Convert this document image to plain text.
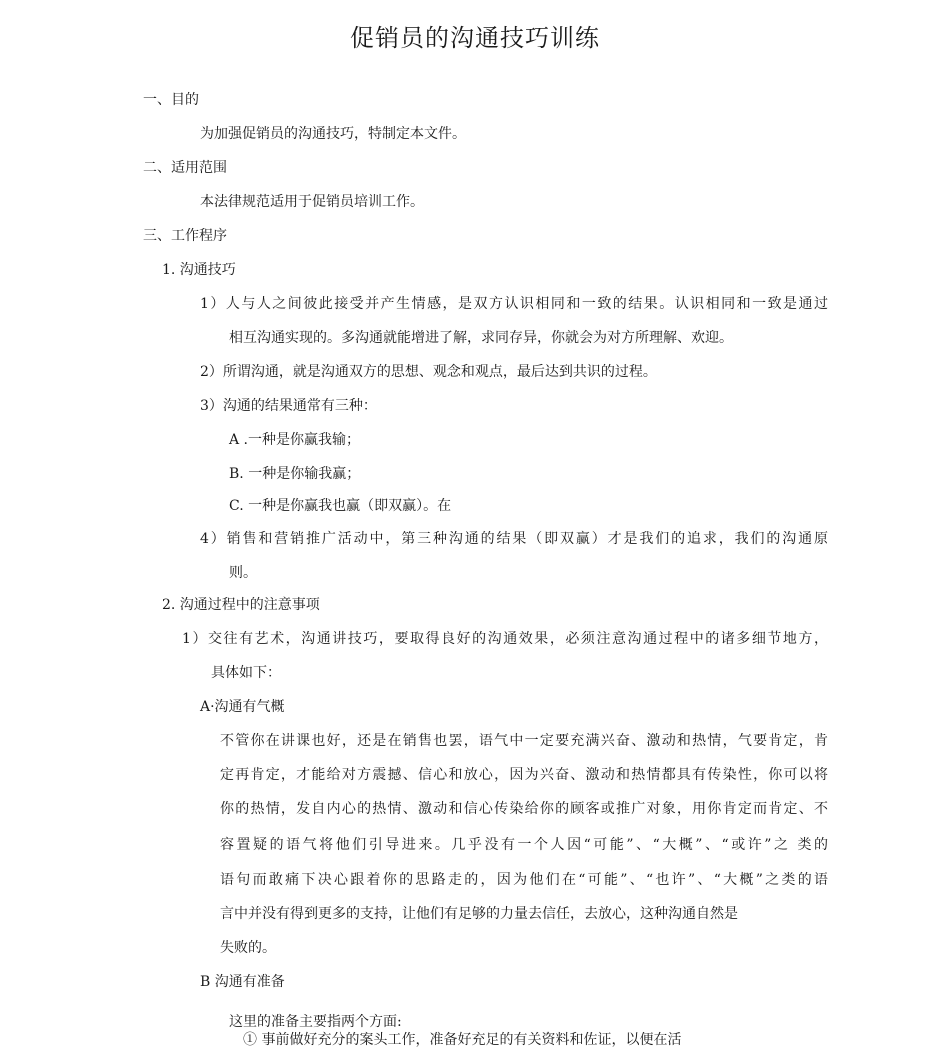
促销员的沟通技巧训练
一、目的
为加强促销员的沟通技巧，特制定本文件。
二、适用范围
本法律规范适用于促销员培训工作。
三、工作程序
1. 沟通技巧
1）人与人之间彼此接受并产生情感，是双方认识相同和一致的结果。认识相同和一致是通过
相互沟通实现的。多沟通就能增进了解，求同存异，你就会为对方所理解、欢迎。
2）所谓沟通，就是沟通双方的思想、观念和观点，最后达到共识的过程。
3）沟通的结果通常有三种：
A .一种是你赢我输；
B. 一种是你输我赢；
C. 一种是你赢我也赢（即双赢）。在
4）销售和营销推广活动中，第三种沟通的结果（即双赢）才是我们的追求，我们的沟通原
则。
2. 沟通过程中的注意事项
1）交往有艺术，沟通讲技巧，要取得良好的沟通效果，必须注意沟通过程中的诸多细节地方，
具体如下：
A·沟通有气概
不管你在讲课也好，还是在销售也罢，语气中一定要充满兴奋、激动和热情，气要肯定，肯
定再肯定，才能给对方震撼、信心和放心，因为兴奋、激动和热情都具有传染性，你可以将
你的热情，发自内心的热情、激动和信心传染给你的顾客或推广对象，用你肯定而肯定、不
容置疑的语气将他们引导进来。几乎没有一个人因“可能”、“大概”、“或许”之 类的
语句而敢痛下决心跟着你的思路走的，因为他们在“可能”、“也许”、“大概”之类的语
言中并没有得到更多的支持，让他们有足够的力量去信任，去放心，这种沟通自然是
失败的。
B 沟通有准备
这里的准备主要指两个方面:
① 事前做好充分的案头工作，准备好充足的有关资料和佐证，以便在活
